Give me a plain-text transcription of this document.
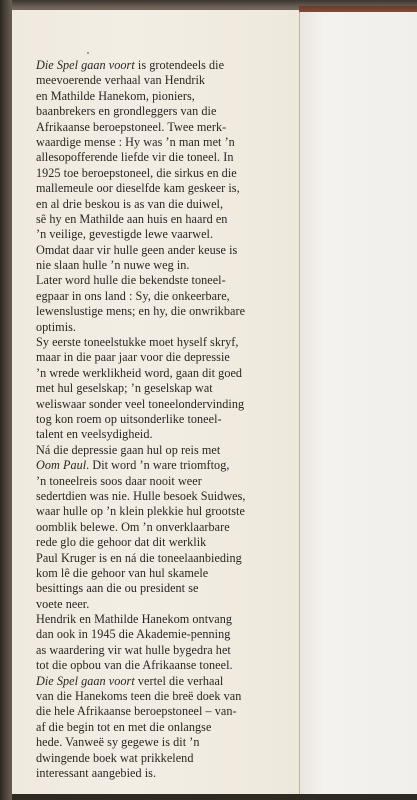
Die Spel gaan voort is grotendeels die
meevoerende verhaal van Hendrik
en Mathilde Hanekom, pioniers,
baanbrekers en grondleggers van die
Afrikaanse beroepstoneel. Twee merk-
waardige mense : Hy was ’n man met ’n
allesopofferende liefde vir die toneel. In
1925 toe beroepstoneel, die sirkus en die
mallemeule oor dieselfde kam geskeer is,
en al drie beskou is as van die duiwel,
sê hy en Mathilde aan huis en haard en
’n veilige, gevestigde lewe vaarwel.
Omdat daar vir hulle geen ander keuse is
nie slaan hulle ’n nuwe weg in.
Later word hulle die bekendste toneel-
egpaar in ons land : Sy, die onkeerbare,
lewenslustige mens; en hy, die onwrikbare
optimis.
Sy eerste toneelstukke moet hyself skryf,
maar in die paar jaar voor die depressie
’n wrede werklikheid word, gaan dit goed
met hul geselskap; ’n geselskap wat
weliswaar sonder veel toneelondervinding
tog kon roem op uitsonderlike toneel-
talent en veelsydigheid.
Ná die depressie gaan hul op reis met
Oom Paul. Dit word ’n ware triomftog,
’n toneelreis soos daar nooit weer
sedertdien was nie. Hulle besoek Suidwes,
waar hulle op ’n klein plekkie hul grootste
oomblik belewe. Om ’n onverklaarbare
rede glo die gehoor dat dit werklik
Paul Kruger is en ná die toneelaanbieding
kom lê die gehoor van hul skamele
besittings aan die ou president se
voete neer.
Hendrik en Mathilde Hanekom ontvang
dan ook in 1945 die Akademie-penning
as waardering vir wat hulle bygedra het
tot die opbou van die Afrikaanse toneel.
Die Spel gaan voort vertel die verhaal
van die Hanekoms teen die breë doek van
die hele Afrikaanse beroepstoneel – van-
af die begin tot en met die onlangse
hede. Vanweë sy gegewe is dit ’n
dwingende boek wat prikkelend
interessant aangebied is.
